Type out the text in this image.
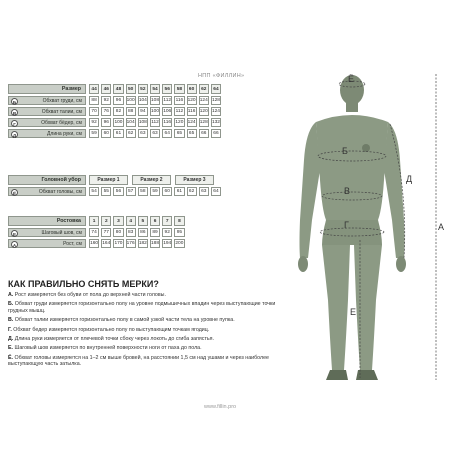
НПП «ФИЛЛИН»
Размер	44	46	48	50	52	54	56	58	60	62	64
Б	Обхват груди, см	88	92	96	100 104 108 112 116 120 124 128
В	Обхват талии, см	70	76	82	88	94	100 106 112 116 120 124
Г	Обхват бёдер, см	92	96	100 104 108 112 116 120 124 128 132
Д	Длина руки, см	59	60	61	62	63	63	64	65	65	66	66
Головной убор	Размер 1	Размер 2	Размер 3
Ё	Обхват головы, см	54	55	56	57	58	59	60	61	62	63	64
Ростовка	1	2	3	4	5	6	7	8
Е	Шаговый шов, см	74	77	80	83	86	89	92	95
А	Рост, см 160 164 170 176 182 188 194 200
КАК ПРАВИЛЬНО СНЯТЬ МЕРКИ?

А. Рост измеряется без обуви от пола до верхней части головы.

Б. Обхват груди измеряется горизонтально полу на уровне подмышечных впадин через выступающие точки грудных мышц.

В. Обхват талии измеряется горизонтально полу в самой узкой части тела на уровне пупка.

Г. Обхват бедер измеряется горизонтально полу по выступающим точкам ягодиц.

Д. Длина руки измеряется от плечевой точки сбоку через локоть до сгиба запястья.

Е. Шаговый шов измеряется по внутренней поверхности ноги от паха до пола.

Ё. Обхват головы измеряется на 1–2 см выше бровей, на расстоянии 1,5 см над ушами и через наиболее выступающую часть затылка.

Ё
Б
В
Г
Д
Е
А
www.fillin.pro
